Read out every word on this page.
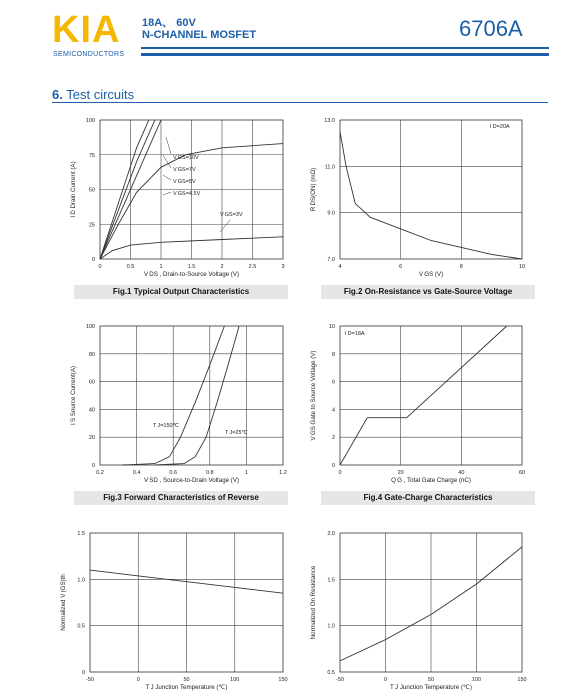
KIA
SEMICONDUCTORS
18A、 60V
N-CHANNEL MOSFET	6706A
6. Test circuits
0	0.5	1	1.5	2	2.5	3
0
25
50
75
100
V DS , Drain-to-Source Voltage (V)
I D Drain Current (A)
V GS=10V
V GS=7V
V GS=5V
V GS=4.5V
V GS=3V
Fig.1 Typical Output Characteristics
4	6	8	10
7.0
9.0
11.0
13.0
V GS (V)
R DS(ON) (mΩ)
I D=20A
Fig.2 On-Resistance vs Gate-Source Voltage
0.2	0.4	0.6	0.8	1	1.2
0
20
40
60
80
100
V SD , Source-to-Drain Voltage (V)
I S Source Current(A)
T J=150℃
T J=25℃
Fig.3 Forward Characteristics of Reverse
0	20	40	60
0
2
4
6
8
10
Q G , Total Gate Charge (nC)
V GS Gate to Source Voltage (V)
I D=18A
Fig.4 Gate-Charge Characteristics
-50	0	50	100	150
0
0.5
1.0
1.5
T J Junction Temperature (℃)
Normalized V (GS)th
-50	0	50	100	150
0.5
1.0
1.5
2.0
T J Junction Temperature (℃)
Normalized On Resistance
